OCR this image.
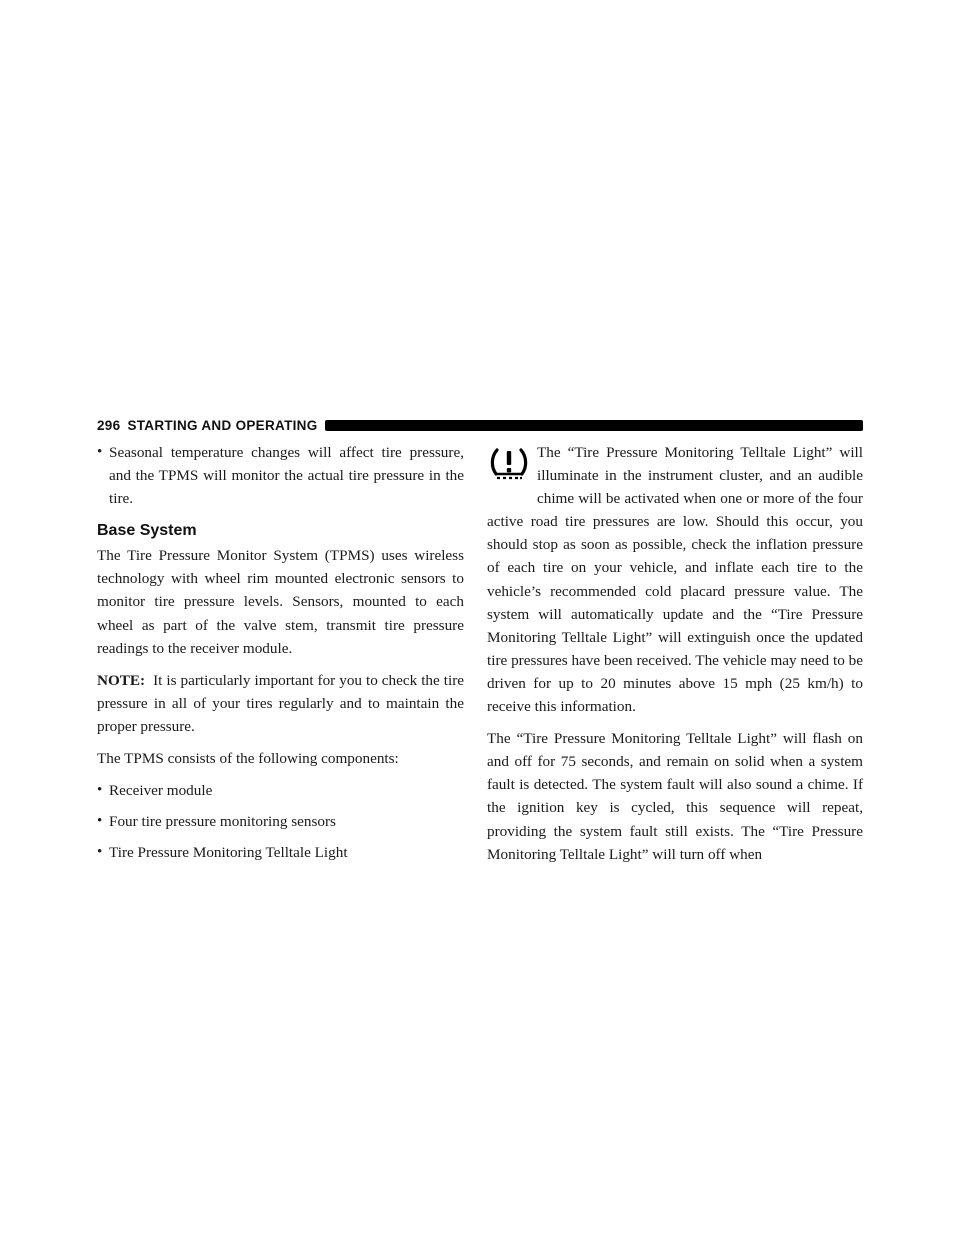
296 STARTING AND OPERATING
• Seasonal temperature changes will affect tire pressure, and the TPMS will monitor the actual tire pressure in the tire.
Base System

The Tire Pressure Monitor System (TPMS) uses wireless technology with wheel rim mounted electronic sensors to monitor tire pressure levels. Sensors, mounted to each wheel as part of the valve stem, transmit tire pressure readings to the receiver module.

NOTE: It is particularly important for you to check the tire pressure in all of your tires regularly and to maintain the proper pressure.

The TPMS consists of the following components:

• Receiver module
• Four tire pressure monitoring sensors
• Tire Pressure Monitoring Telltale Light

The “Tire Pressure Monitoring Telltale Light” will illuminate in the instrument cluster, and an audible chime will be activated when one or more of the four active road tire pressures are low. Should this occur, you should stop as soon as possible, check the inflation pressure of each tire on your vehicle, and inflate each tire to the vehicle’s recommended cold placard pressure value. The system will automatically update and the “Tire Pressure Monitoring Telltale Light” will extinguish once the updated tire pressures have been received. The vehicle may need to be driven for up to 20 minutes above 15 mph (25 km/h) to receive this information.

The “Tire Pressure Monitoring Telltale Light” will flash on and off for 75 seconds, and remain on solid when a system fault is detected. The system fault will also sound a chime. If the ignition key is cycled, this sequence will repeat, providing the system fault still exists. The “Tire Pressure Monitoring Telltale Light” will turn off when
